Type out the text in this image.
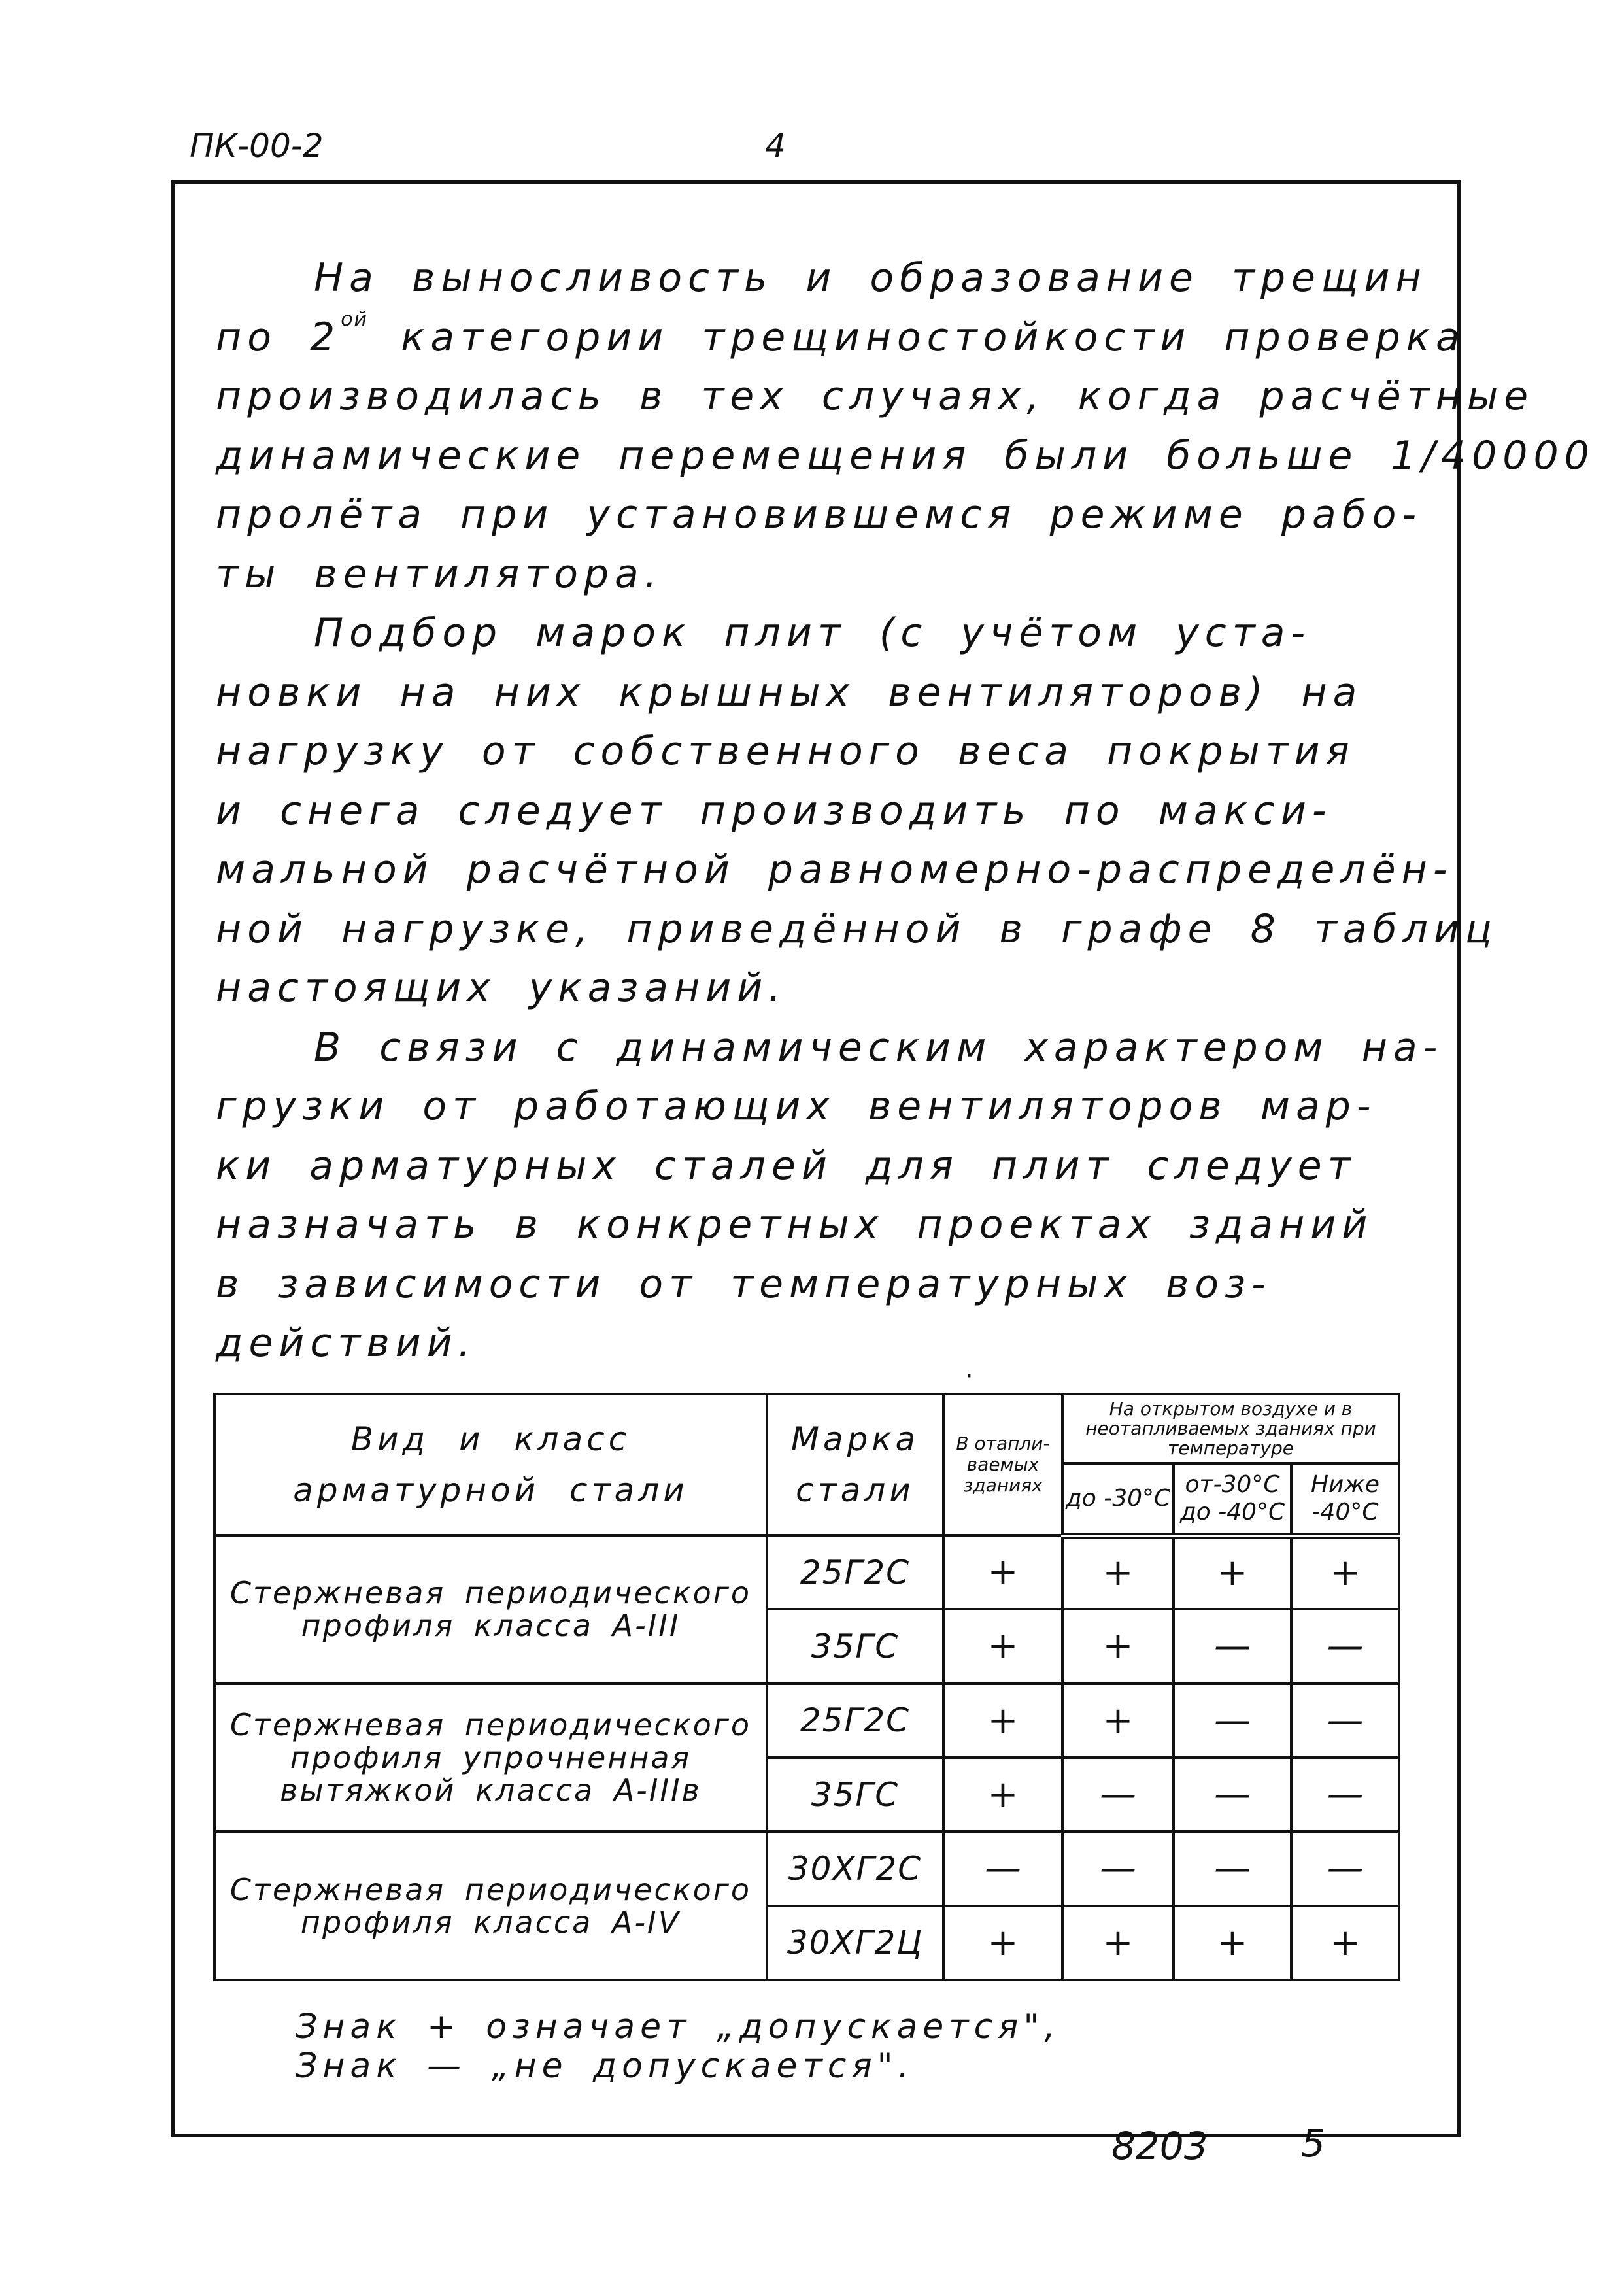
ПК-00-2	4
На выносливость и образование трещин
по $2^{ой}$ категории трещиностойкости проверка
производилась в тех случаях, когда расчётные
динамические перемещения были больше 1/40000
пролёта при установившемся режиме рабо-
ты вентилятора.
Подбор марок плит (с учётом уста-
новки на них крышных вентиляторов) на
нагрузку от собственного веса покрытия
и снега следует производить по макси-
мальной расчётной равномерно-распределён-
ной нагрузке, приведённой в графе 8 таблиц
настоящих указаний.
В связи с динамическим характером на-
грузки от работающих вентиляторов мар-
ки арматурных сталей для плит следует
назначать в конкретных проектах зданий
в зависимости от температурных воз-
действий.
·
Вид и класс арматурной стали	Марка стали	В отапли-ваемых зданиях	На открытом воздухе и в неотапливаемых зданиях при температуре		
			до -30°С	от-30°С до -40°С	Ниже -40°С
Стержневая периодического профиля класса А-III	25Г2С	+	+	+	+
	35ГС	+	+	—	—
Стержневая периодического профиля упрочненная вытяжкой класса А-IIIв	25Г2С	+	+	—	—
	35ГС	+	—	—	—
Стержневая периодического профиля класса А-IV	30ХГ2С	—	—	—	—
	30ХГ2Ц	+	+	+	+
Знак + означает „допускается",
Знак — „не допускается".
8203 5
